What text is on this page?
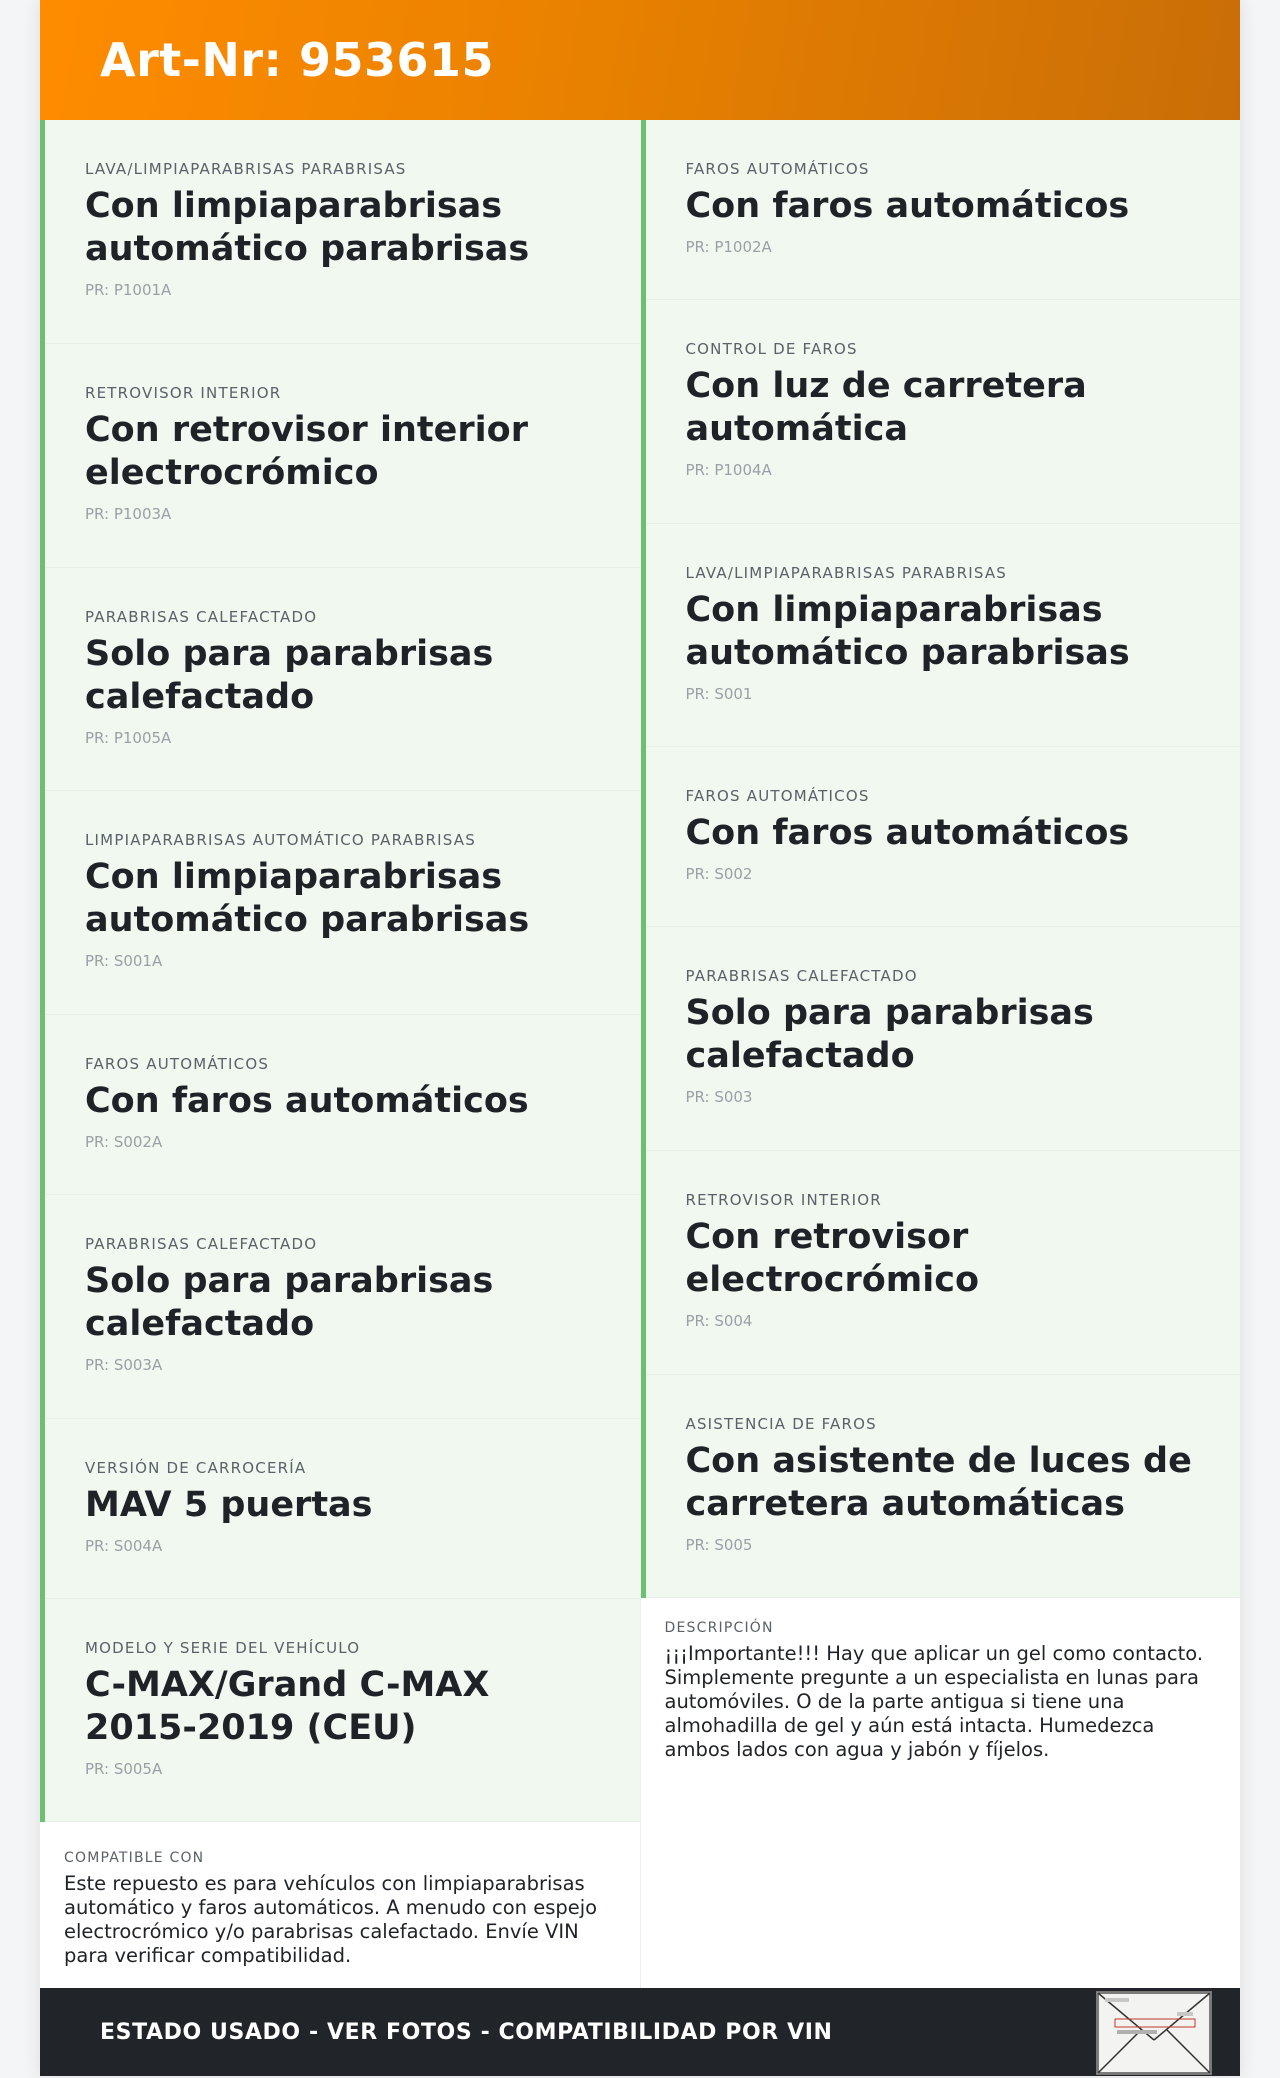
Art-Nr: 953615
LAVA/LIMPIAPARABRISAS PARABRISAS
Con limpiaparabrisas automático parabrisas
PR: P1001A
RETROVISOR INTERIOR
Con retrovisor interior electrocrómico
PR: P1003A
PARABRISAS CALEFACTADO
Solo para parabrisas calefactado
PR: P1005A
LIMPIAPARABRISAS AUTOMÁTICO PARABRISAS
Con limpiaparabrisas automático parabrisas
PR: S001A
FAROS AUTOMÁTICOS
Con faros automáticos
PR: S002A
PARABRISAS CALEFACTADO
Solo para parabrisas calefactado
PR: S003A
VERSIÓN DE CARROCERÍA
MAV 5 puertas
PR: S004A
MODELO Y SERIE DEL VEHÍCULO
C-MAX/Grand C-MAX 2015-2019 (CEU)
PR: S005A
COMPATIBLE CON
Este repuesto es para vehículos con limpiaparabrisas automático y faros automáticos. A menudo con espejo electrocrómico y/o parabrisas calefactado. Envíe VIN para verificar compatibilidad.
FAROS AUTOMÁTICOS
Con faros automáticos
PR: P1002A
CONTROL DE FAROS
Con luz de carretera automática
PR: P1004A
LAVA/LIMPIAPARABRISAS PARABRISAS
Con limpiaparabrisas automático parabrisas
PR: S001
FAROS AUTOMÁTICOS
Con faros automáticos
PR: S002
PARABRISAS CALEFACTADO
Solo para parabrisas calefactado
PR: S003
RETROVISOR INTERIOR
Con retrovisor electrocrómico
PR: S004
ASISTENCIA DE FAROS
Con asistente de luces de carretera automáticas
PR: S005
DESCRIPCIÓN
¡¡¡Importante!!! Hay que aplicar un gel como contacto. Simplemente pregunte a un especialista en lunas para automóviles. O de la parte antigua si tiene una almohadilla de gel y aún está intacta. Humedezca ambos lados con agua y jabón y fíjelos.
ESTADO USADO - VER FOTOS - COMPATIBILIDAD POR VIN
